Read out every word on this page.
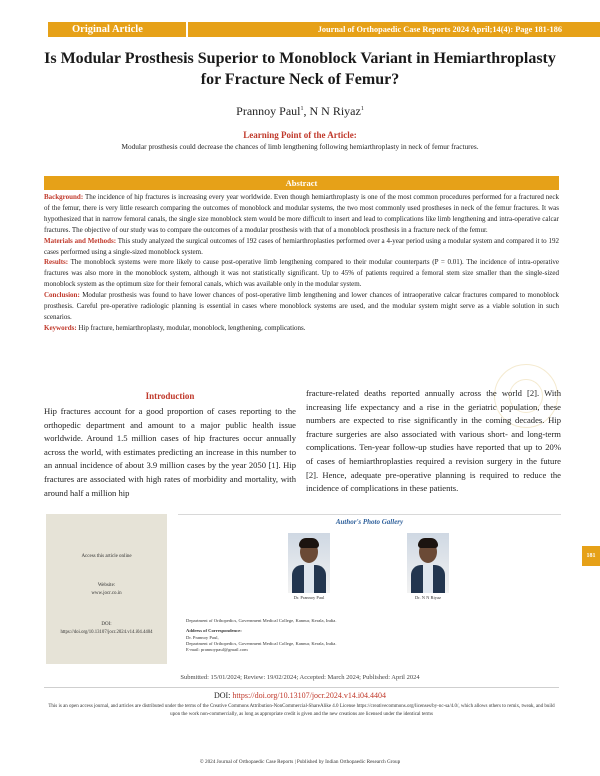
Original Article	Journal of Orthopaedic Case Reports 2024 April;14(4): Page 181-186
Is Modular Prosthesis Superior to Monoblock Variant in Hemiarthroplasty for Fracture Neck of Femur?
Prannoy Paul$^1$, N N Riyaz$^1$
Learning Point of the Article:
Modular prosthesis could decrease the chances of limb lengthening following hemiarthroplasty in neck of femur fractures.
Abstract

Background: The incidence of hip fractures is increasing every year worldwide. Even though hemiarthroplasty is one of the most common procedures performed for a fractured neck of the femur, there is very little research comparing the outcomes of monoblock and modular systems, the two most commonly used prostheses in neck of the femur fractures. It was hypothesized that in narrow femoral canals, the single size monoblock stem would be more difficult to insert and lead to complications like limb lengthening and intra-operative calcar fractures. The objective of our study was to compare the outcomes of a modular prosthesis with that of a monoblock prosthesis in a fracture neck of the femur.

Materials and Methods: This study analyzed the surgical outcomes of 192 cases of hemiarthroplasties performed over a 4-year period using a modular system and compared it to 192 cases performed using a single-sized monoblock system.

Results: The monoblock systems were more likely to cause post-operative limb lengthening compared to their modular counterparts (P = 0.01). The incidence of intra-operative fractures was also more in the monoblock system, although it was not statistically significant. Up to 45% of patients required a femoral stem size smaller than the single-sized monoblock system as the optimum size for their femoral canals, which was available only in the modular system.

Conclusion: Modular prosthesis was found to have lower chances of post-operative limb lengthening and lower chances of intraoperative calcar fractures compared to monoblock prosthesis. Careful pre-operative radiologic planning is essential in cases where monoblock systems are used, and the modular system might serve as a viable solution in such scenarios.

Keywords: Hip fracture, hemiarthroplasty, modular, monoblock, lengthening, complications.

Introduction
Hip fractures account for a good proportion of cases reporting to the orthopedic department and amount to a major public health issue worldwide. Around 1.5 million cases of hip fractures occur annually across the world, with estimates predicting an increase in this number to an annual incidence of about 3.9 million cases by the year 2050 [1]. Hip fractures are associated with high rates of morbidity and mortality, with around half a million hip
fracture-related deaths reported annually across the world [2]. With increasing life expectancy and a rise in the geriatric population, these numbers are expected to rise significantly in the coming decades. Hip fracture surgeries are also associated with various short- and long-term complications. Ten-year follow-up studies have reported that up to 20% of cases of hemiarthroplasties required a revision surgery in the future [2]. Hence, adequate pre-operative planning is required to reduce the incidence of complications in these patients.
Access this article online
Website:
www.jocr.co.in
DOI:
https://doi.org/10.13107/jocr.2024.v14.i04.4404
Author's Photo Gallery
Dr. Prannoy Paul	Dr. N N Riyaz
Department of Orthopedics, Government Medical College, Kannur, Kerala, India.
Address of Correspondence:
Dr. Prannoy Paul,
Department of Orthopedics, Government Medical College, Kannur, Kerala, India.
E-mail: prannoypaul@gmail.com
Submitted: 15/01/2024; Review: 19/02/2024; Accepted: March 2024; Published: April 2024
DOI: https://doi.org/10.13107/jocr.2024.v14.i04.4404
This is an open access journal, and articles are distributed under the terms of the Creative Commons Attribution-NonCommercial-ShareAlike 4.0 License https://creativecommons.org/licenses/by-nc-sa/4.0/, which allows others to remix, tweak, and build upon the work non-commercially, as long as appropriate credit is given and the new creations are licensed under the identical terms
© 2024 Journal of Orthopaedic Case Reports | Published by Indian Orthopaedic Research Group
181
